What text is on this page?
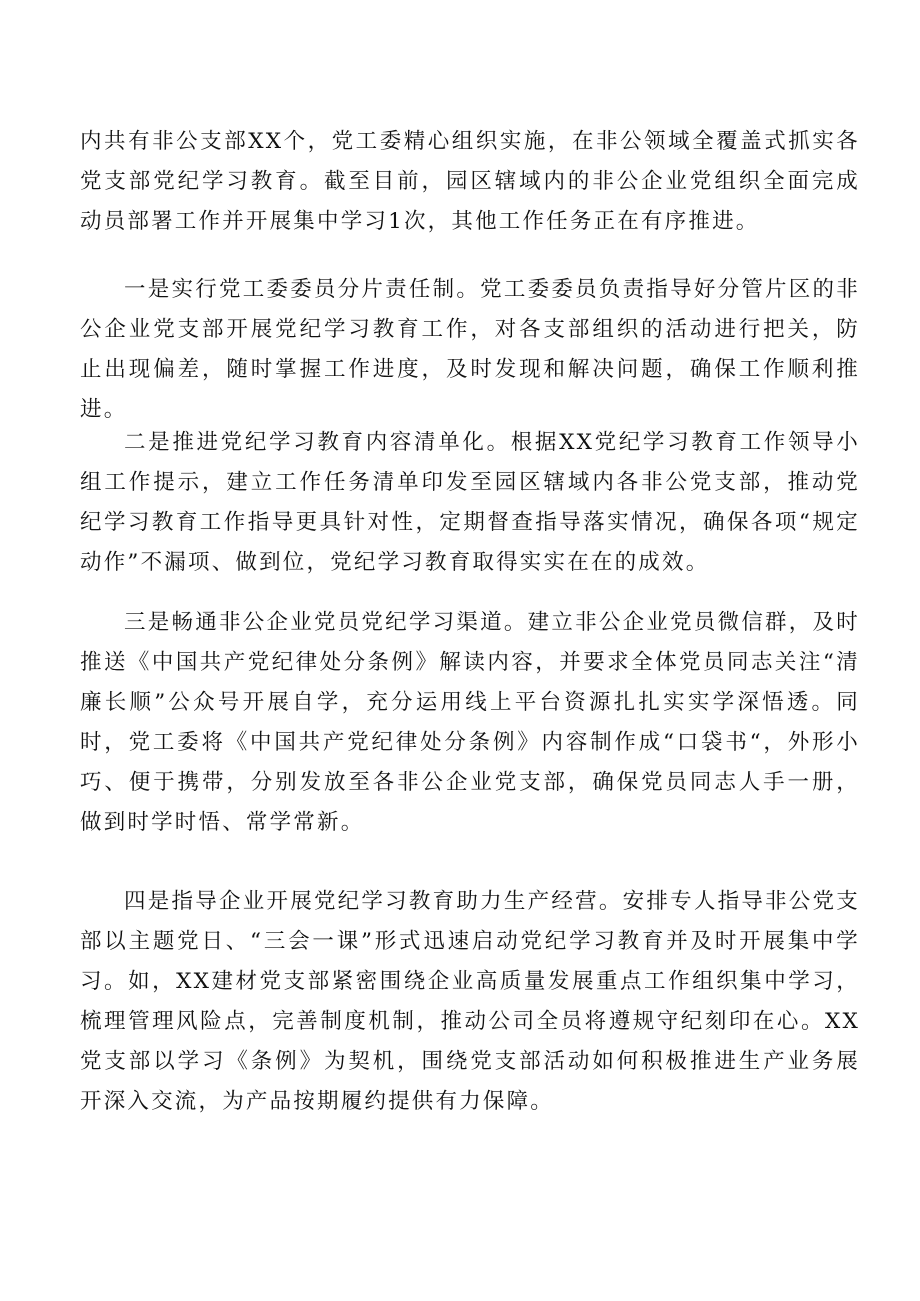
内共有非公支部XX个，党工委精心组织实施，在非公领域全覆盖式抓实各党支部党纪学习教育。截至目前，园区辖域内的非公企业党组织全面完成动员部署工作并开展集中学习1次，其他工作任务正在有序推进。

一是实行党工委委员分片责任制。党工委委员负责指导好分管片区的非公企业党支部开展党纪学习教育工作，对各支部组织的活动进行把关，防止出现偏差，随时掌握工作进度，及时发现和解决问题，确保工作顺利推进。

二是推进党纪学习教育内容清单化。根据XX党纪学习教育工作领导小组工作提示，建立工作任务清单印发至园区辖域内各非公党支部，推动党纪学习教育工作指导更具针对性，定期督查指导落实情况，确保各项“规定动作”不漏项、做到位，党纪学习教育取得实实在在的成效。

三是畅通非公企业党员党纪学习渠道。建立非公企业党员微信群，及时推送《中国共产党纪律处分条例》解读内容，并要求全体党员同志关注“清廉长顺”公众号开展自学，充分运用线上平台资源扎扎实实学深悟透。同时，党工委将《中国共产党纪律处分条例》内容制作成“口袋书“，外形小巧、便于携带，分别发放至各非公企业党支部，确保党员同志人手一册，做到时学时悟、常学常新。

四是指导企业开展党纪学习教育助力生产经营。安排专人指导非公党支部以主题党日、“三会一课”形式迅速启动党纪学习教育并及时开展集中学习。如，XX建材党支部紧密围绕企业高质量发展重点工作组织集中学习，梳理管理风险点，完善制度机制，推动公司全员将遵规守纪刻印在心。XX党支部以学习《条例》为契机，围绕党支部活动如何积极推进生产业务展开深入交流，为产品按期履约提供有力保障。
